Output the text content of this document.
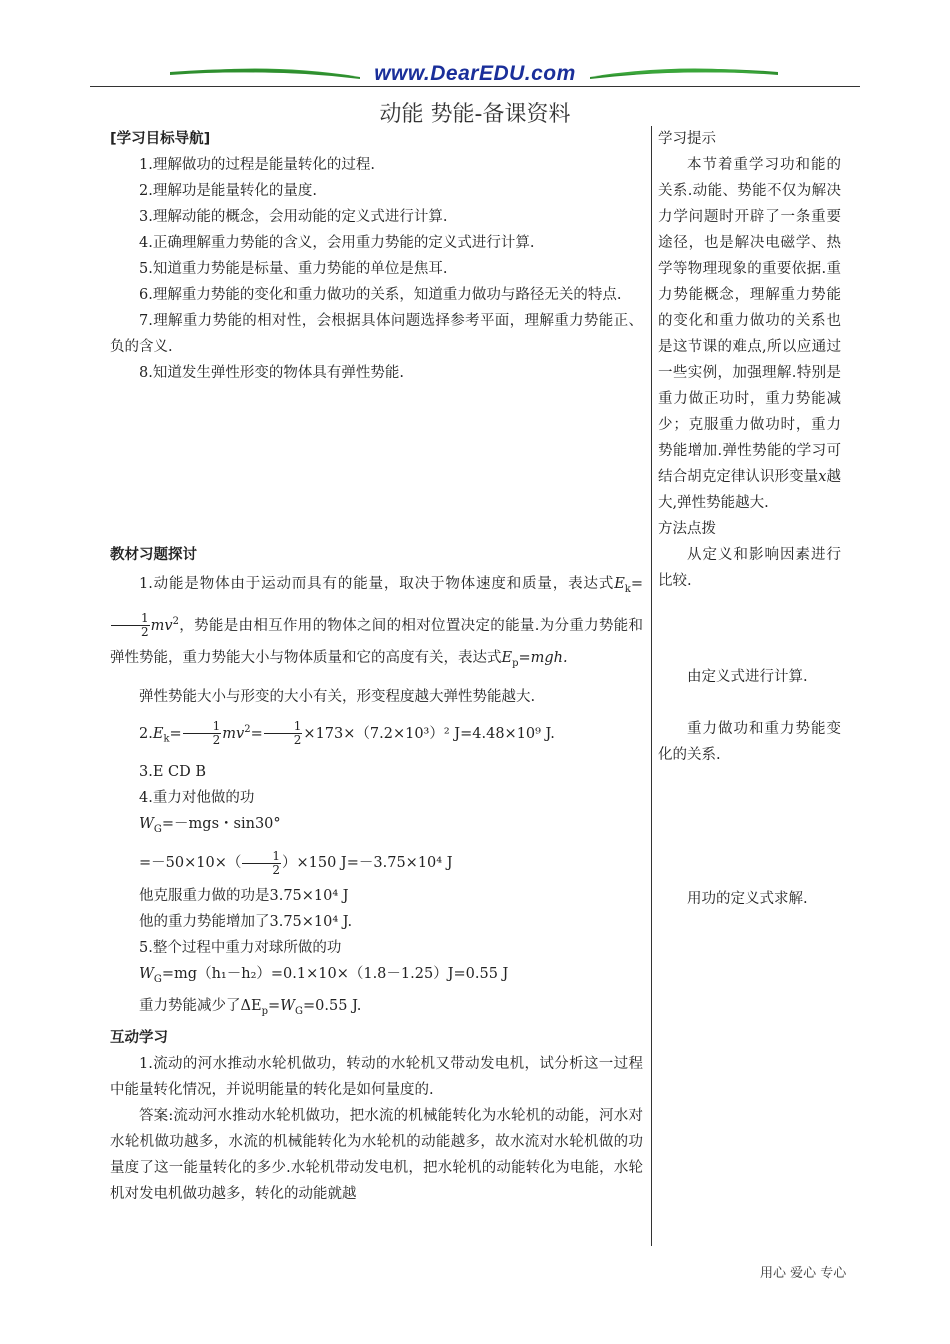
www.DearEDU.com
动能 势能-备课资料

[学习目标导航]

1.理解做功的过程是能量转化的过程.

2.理解功是能量转化的量度.

3.理解动能的概念，会用动能的定义式进行计算.

4.正确理解重力势能的含义，会用重力势能的定义式进行计算.

5.知道重力势能是标量、重力势能的单位是焦耳.

6.理解重力势能的变化和重力做功的关系，知道重力做功与路径无关的特点.

7.理解重力势能的相对性，会根据具体问题选择参考平面，理解重力势能正、负的含义.

8.知道发生弹性形变的物体具有弹性势能.

教材习题探讨

1.动能是物体由于运动而具有的能量，取决于物体速度和质量，表达式$E_k=$
$\frac{1}{2} mv^2$，势能是由相互作用的物体之间的相对位置决定的能量.为分重力势能和弹性势能，重力势能大小与物体质量和它的高度有关，表达式$E_p=mgh$.

弹性势能大小与形变的大小有关，形变程度越大弹性势能越大.

$2.E_k= \frac{1}{2} mv^2= \frac{1}{2} \times 173\times(7.2\times 10^3)^2$ J=4.48×10⁹ J.

3.E CD B

4.重力对他做的功

$W_G=-mgs$・sin30°

$=-50\times 10\times( \frac{1}{2} )\times 150$ J=－3.75×10⁴ J

他克服重力做的功是3.75×10⁴ J

他的重力势能增加了3.75×10⁴ J.

5.整个过程中重力对球所做的功

$W_G=mg(h_1-h_2)=0.1\times 10\times(1.8-1.25)J=0.55$ J

重力势能减少了$\Delta E_p=W_G=0.55$ J.

互动学习

1.流动的河水推动水轮机做功，转动的水轮机又带动发电机，试分析这一过程中能量转化情况，并说明能量的转化是如何量度的.

答案:流动河水推动水轮机做功，把水流的机械能转化为水轮机的动能，河水对水轮机做功越多，水流的机械能转化为水轮机的动能越多，故水流对水轮机做的功量度了这一能量转化的多少.水轮机带动发电机，把水轮机的动能转化为电能，水轮机对发电机做功越多，转化的动能就越

学习提示

本节着重学习功和能的关系.动能、势能不仅为解决力学问题时开辟了一条重要途径，也是解决电磁学、热学等物理现象的重要依据.重力势能概念，理解重力势能的变化和重力做功的关系也是这节课的难点,所以应通过一些实例，加强理解.特别是重力做正功时，重力势能减少；克服重力做功时，重力势能增加.弹性势能的学习可结合胡克定律认识形变量x越大,弹性势能越大.

方法点拨

从定义和影响因素进行比较.

由定义式进行计算.

重力做功和重力势能变化的关系.

用功的定义式求解.

用心 爱心 专心
